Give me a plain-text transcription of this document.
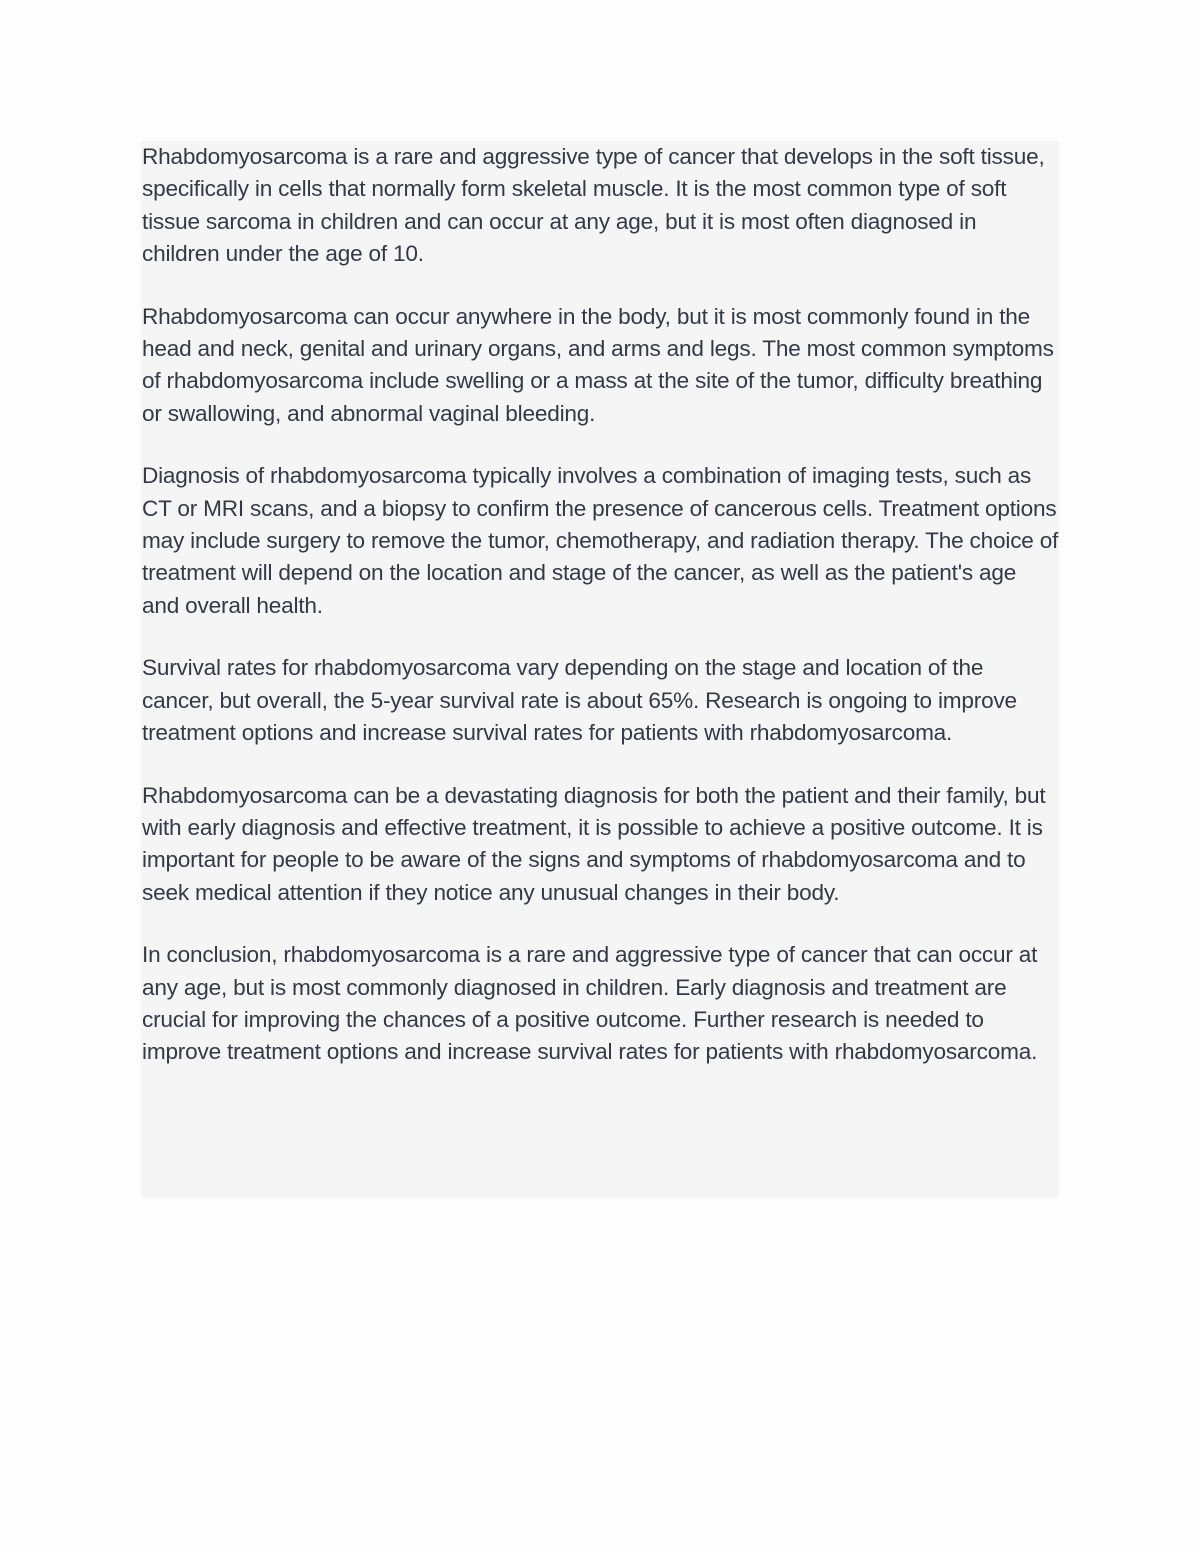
Rhabdomyosarcoma is a rare and aggressive type of cancer that develops in the soft tissue, specifically in cells that normally form skeletal muscle. It is the most common type of soft tissue sarcoma in children and can occur at any age, but it is most often diagnosed in children under the age of 10.

Rhabdomyosarcoma can occur anywhere in the body, but it is most commonly found in the head and neck, genital and urinary organs, and arms and legs. The most common symptoms of rhabdomyosarcoma include swelling or a mass at the site of the tumor, difficulty breathing or swallowing, and abnormal vaginal bleeding.

Diagnosis of rhabdomyosarcoma typically involves a combination of imaging tests, such as CT or MRI scans, and a biopsy to confirm the presence of cancerous cells. Treatment options may include surgery to remove the tumor, chemotherapy, and radiation therapy. The choice of treatment will depend on the location and stage of the cancer, as well as the patient's age and overall health.

Survival rates for rhabdomyosarcoma vary depending on the stage and location of the cancer, but overall, the 5-year survival rate is about 65%. Research is ongoing to improve treatment options and increase survival rates for patients with rhabdomyosarcoma.

Rhabdomyosarcoma can be a devastating diagnosis for both the patient and their family, but with early diagnosis and effective treatment, it is possible to achieve a positive outcome. It is important for people to be aware of the signs and symptoms of rhabdomyosarcoma and to seek medical attention if they notice any unusual changes in their body.

In conclusion, rhabdomyosarcoma is a rare and aggressive type of cancer that can occur at any age, but is most commonly diagnosed in children. Early diagnosis and treatment are crucial for improving the chances of a positive outcome. Further research is needed to improve treatment options and increase survival rates for patients with rhabdomyosarcoma.
